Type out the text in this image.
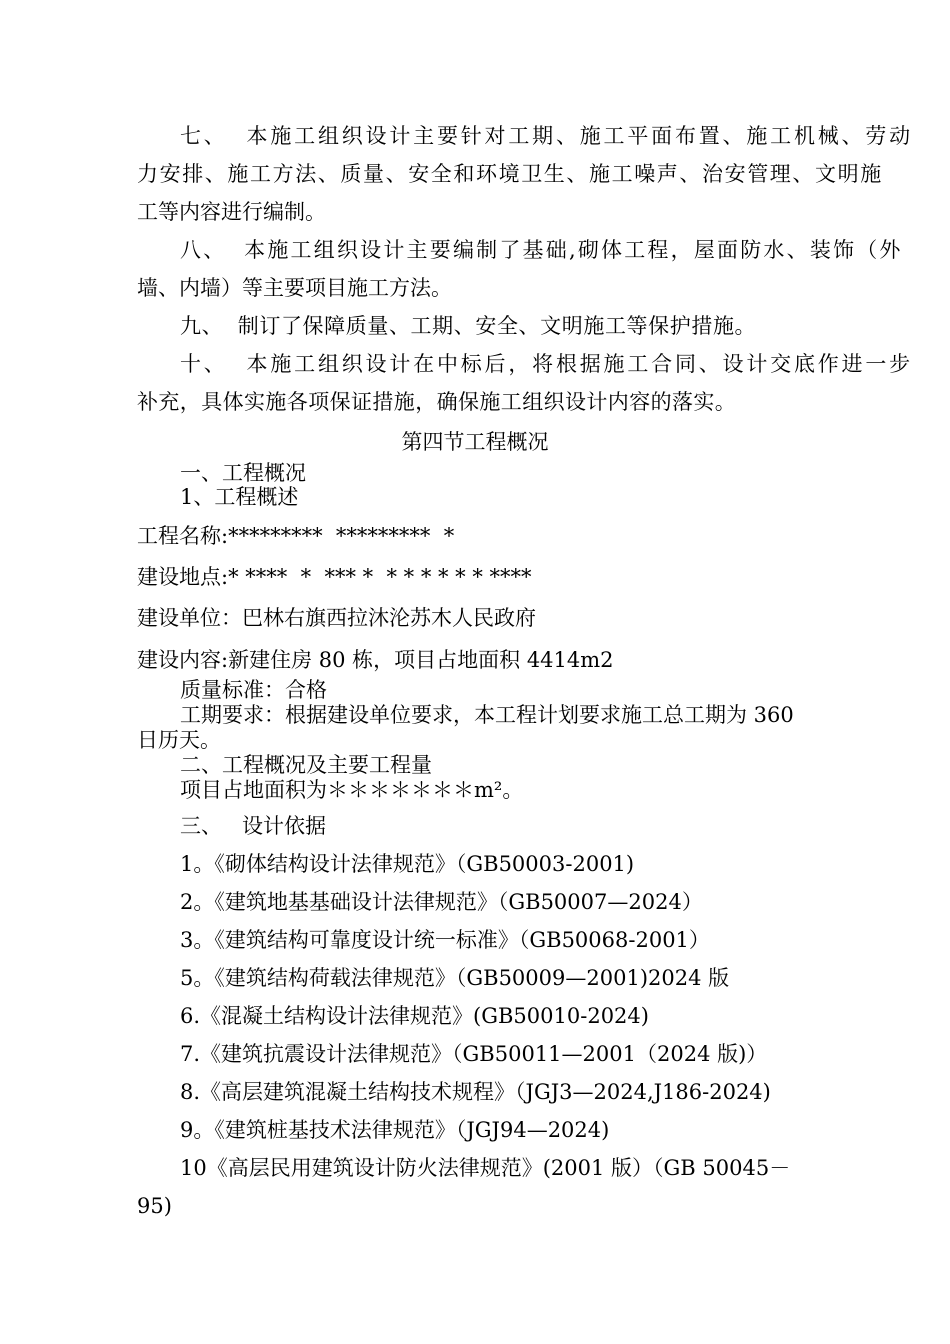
七、  本施工组织设计主要针对工期、施工平面布置、施工机械、劳动
力安排、施工方法、质量、安全和环境卫生、施工噪声、治安管理、文明施
工等内容进行编制。
八、  本施工组织设计主要编制了基础,砌体工程，屋面防水、装饰（外
墙、内墙）等主要项目施工方法。
九、  制订了保障质量、工期、安全、文明施工等保护措施。
十、  本施工组织设计在中标后，将根据施工合同、设计交底作进一步
补充，具体实施各项保证措施，确保施工组织设计内容的落实。
第四节工程概况
一、工程概况
1、工程概述
工程名称:*********  *********  *
建设地点:* ****  *  *** *  * * * * * * ****
建设单位：巴林右旗西拉沐沦苏木人民政府
建设内容:新建住房 80 栋，项目占地面积 4414m2
质量标准：合格
工期要求：根据建设单位要求，本工程计划要求施工总工期为 360
日历天。
二、工程概况及主要工程量
项目占地面积为＊＊＊＊＊＊＊m²。
三、   设计依据
1。《砌体结构设计法律规范》（GB50003-2001)
2。《建筑地基基础设计法律规范》（GB50007—2024）
3。《建筑结构可靠度设计统一标准》（GB50068-2001）
5。《建筑结构荷载法律规范》（GB50009—2001)2024 版
6.《混凝土结构设计法律规范》(GB50010-2024)
7.《建筑抗震设计法律规范》（GB50011—2001（2024 版)）
8.《高层建筑混凝土结构技术规程》（JGJ3—2024,J186-2024)
9。《建筑桩基技术法律规范》（JGJ94—2024)
10《高层民用建筑设计防火法律规范》(2001 版）（GB 50045－
95)
